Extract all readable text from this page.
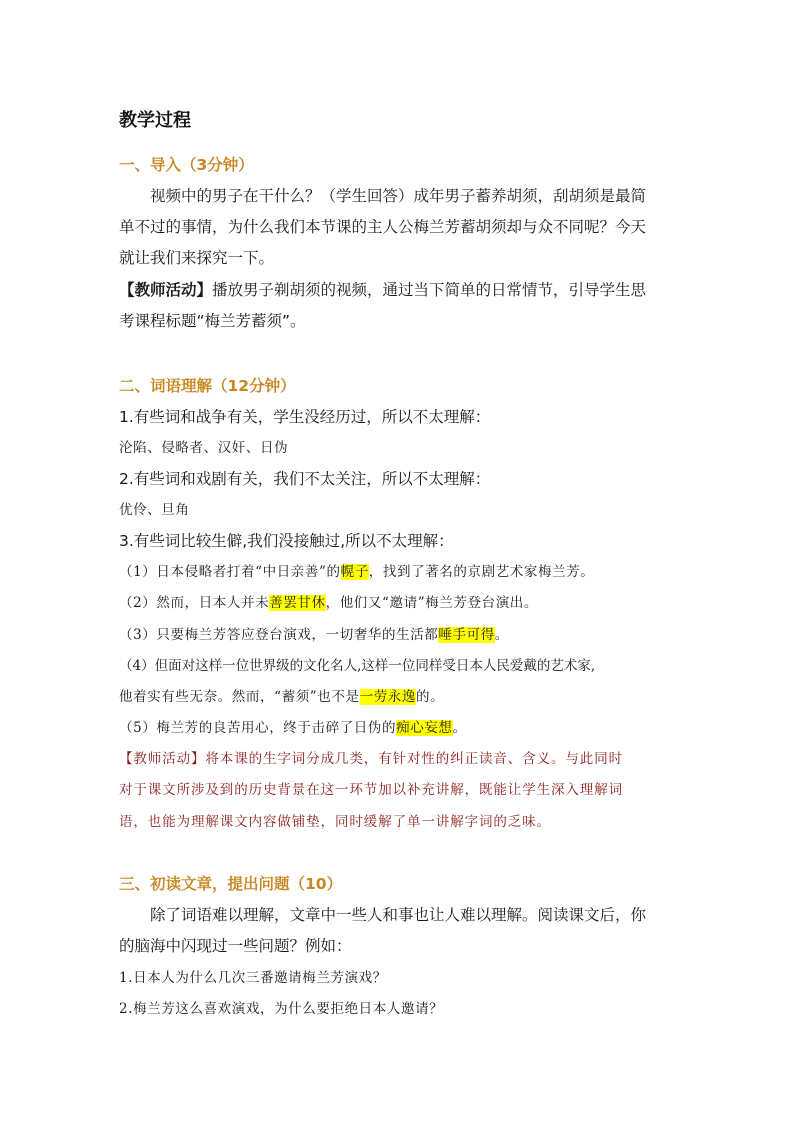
教学过程
一、导入（3分钟）
视频中的男子在干什么？（学生回答）成年男子蓄养胡须，刮胡须是最简
单不过的事情，为什么我们本节课的主人公梅兰芳蓄胡须却与众不同呢？今天
就让我们来探究一下。
【教师活动】播放男子剃胡须的视频，通过当下简单的日常情节，引导学生思
考课程标题“梅兰芳蓄须”。
二、词语理解（12分钟）
1.有些词和战争有关，学生没经历过，所以不太理解：
沦陷、侵略者、汉奸、日伪
2.有些词和戏剧有关，我们不太关注，所以不太理解：
优伶、旦角
3.有些词比较生僻,我们没接触过,所以不太理解：
（1）日本侵略者打着“中日亲善”的幌子，找到了著名的京剧艺术家梅兰芳。
（2）然而，日本人并未善罢甘休，他们又“邀请”梅兰芳登台演出。
（3）只要梅兰芳答应登台演戏，一切奢华的生活都唾手可得。
（4）但面对这样一位世界级的文化名人,这样一位同样受日本人民爱戴的艺术家,
他着实有些无奈。然而，“蓄须”也不是一劳永逸的。
（5）梅兰芳的良苦用心，终于击碎了日伪的痴心妄想。
【教师活动】将本课的生字词分成几类，有针对性的纠正读音、含义。与此同时
对于课文所涉及到的历史背景在这一环节加以补充讲解，既能让学生深入理解词
语，也能为理解课文内容做铺垫，同时缓解了单一讲解字词的乏味。
三、初读文章，提出问题（10）
除了词语难以理解，文章中一些人和事也让人难以理解。阅读课文后，你
的脑海中闪现过一些问题？例如：
1.日本人为什么几次三番邀请梅兰芳演戏？
2.梅兰芳这么喜欢演戏，为什么要拒绝日本人邀请？
